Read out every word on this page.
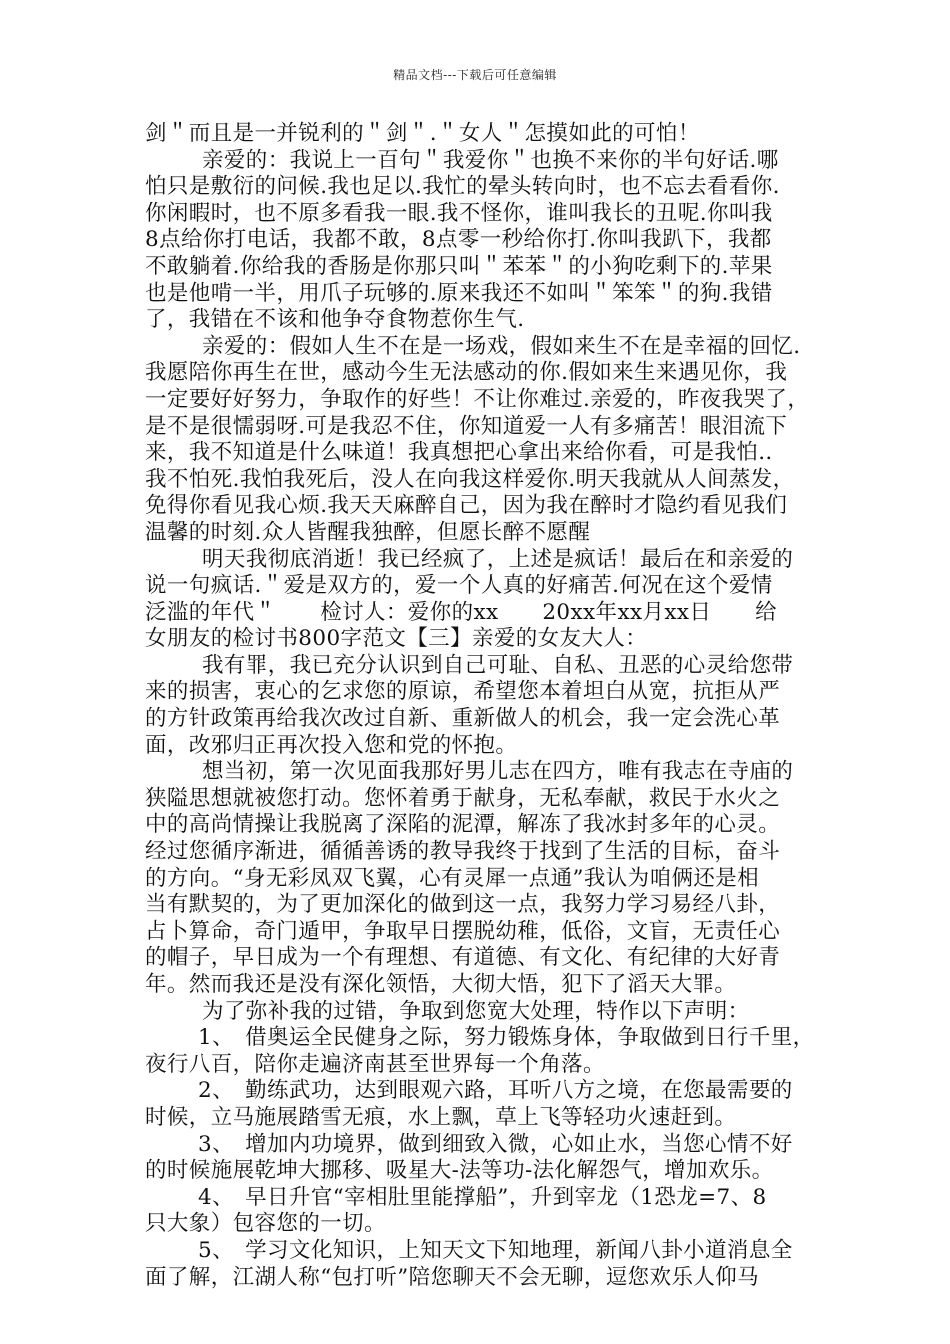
精品文档---下载后可任意编辑
剑＂而且是一并锐利的＂剑＂.＂女人＂怎摸如此的可怕！
亲爱的：我说上一百句＂我爱你＂也换不来你的半句好话.哪
怕只是敷衍的问候.我也足以.我忙的晕头转向时，也不忘去看看你.
你闲暇时，也不原多看我一眼.我不怪你，谁叫我长的丑呢.你叫我
8点给你打电话，我都不敢，8点零一秒给你打.你叫我趴下，我都
不敢躺着.你给我的香肠是你那只叫＂苯苯＂的小狗吃剩下的.苹果
也是他啃一半，用爪子玩够的.原来我还不如叫＂笨笨＂的狗.我错
了，我错在不该和他争夺食物惹你生气.
亲爱的：假如人生不在是一场戏，假如来生不在是幸福的回忆.
我愿陪你再生在世，感动今生无法感动的你.假如来生来遇见你，我
一定要好好努力，争取作的好些！不让你难过.亲爱的，昨夜我哭了，
是不是很懦弱呀.可是我忍不住，你知道爱一人有多痛苦！眼泪流下
来，我不知道是什么味道！我真想把心拿出来给你看，可是我怕..
我不怕死.我怕我死后，没人在向我这样爱你.明天我就从人间蒸发，
免得你看见我心烦.我天天麻醉自己，因为我在醉时才隐约看见我们
温馨的时刻.众人皆醒我独醉，但愿长醉不愿醒
明天我彻底消逝！我已经疯了，上述是疯话！最后在和亲爱的
说一句疯话.＂爱是双方的，爱一个人真的好痛苦.何况在这个爱情
泛滥的年代＂　　检讨人：爱你的xx　　20xx年xx月xx日　　给
女朋友的检讨书800字范文【三】亲爱的女友大人：
我有罪，我已充分认识到自己可耻、自私、丑恶的心灵给您带
来的损害，衷心的乞求您的原谅，希望您本着坦白从宽，抗拒从严
的方针政策再给我次改过自新、重新做人的机会，我一定会洗心革
面，改邪归正再次投入您和党的怀抱。
想当初，第一次见面我那好男儿志在四方，唯有我志在寺庙的
狭隘思想就被您打动。您怀着勇于献身，无私奉献，救民于水火之
中的高尚情操让我脱离了深陷的泥潭，解冻了我冰封多年的心灵。
经过您循序渐进，循循善诱的教导我终于找到了生活的目标，奋斗
的方向。“身无彩凤双飞翼，心有灵犀一点通”我认为咱俩还是相
当有默契的，为了更加深化的做到这一点，我努力学习易经八卦，
占卜算命，奇门遁甲，争取早日摆脱幼稚，低俗，文盲，无责任心
的帽子，早日成为一个有理想、有道德、有文化、有纪律的大好青
年。然而我还是没有深化领悟，大彻大悟，犯下了滔天大罪。
为了弥补我的过错，争取到您宽大处理，特作以下声明：
1、　借奥运全民健身之际，努力锻炼身体，争取做到日行千里，
夜行八百，陪你走遍济南甚至世界每一个角落。
2、　勤练武功，达到眼观六路，耳听八方之境，在您最需要的
时候，立马施展踏雪无痕，水上飘，草上飞等轻功火速赶到。
3、　增加内功境界，做到细致入微，心如止水，当您心情不好
的时候施展乾坤大挪移、吸星大-法等功-法化解怨气，增加欢乐。
4、　早日升官“宰相肚里能撑船”，升到宰龙（1恐龙=7、8
只大象）包容您的一切。
5、　学习文化知识，上知天文下知地理，新闻八卦小道消息全
面了解，江湖人称“包打听”陪您聊天不会无聊，逗您欢乐人仰马
